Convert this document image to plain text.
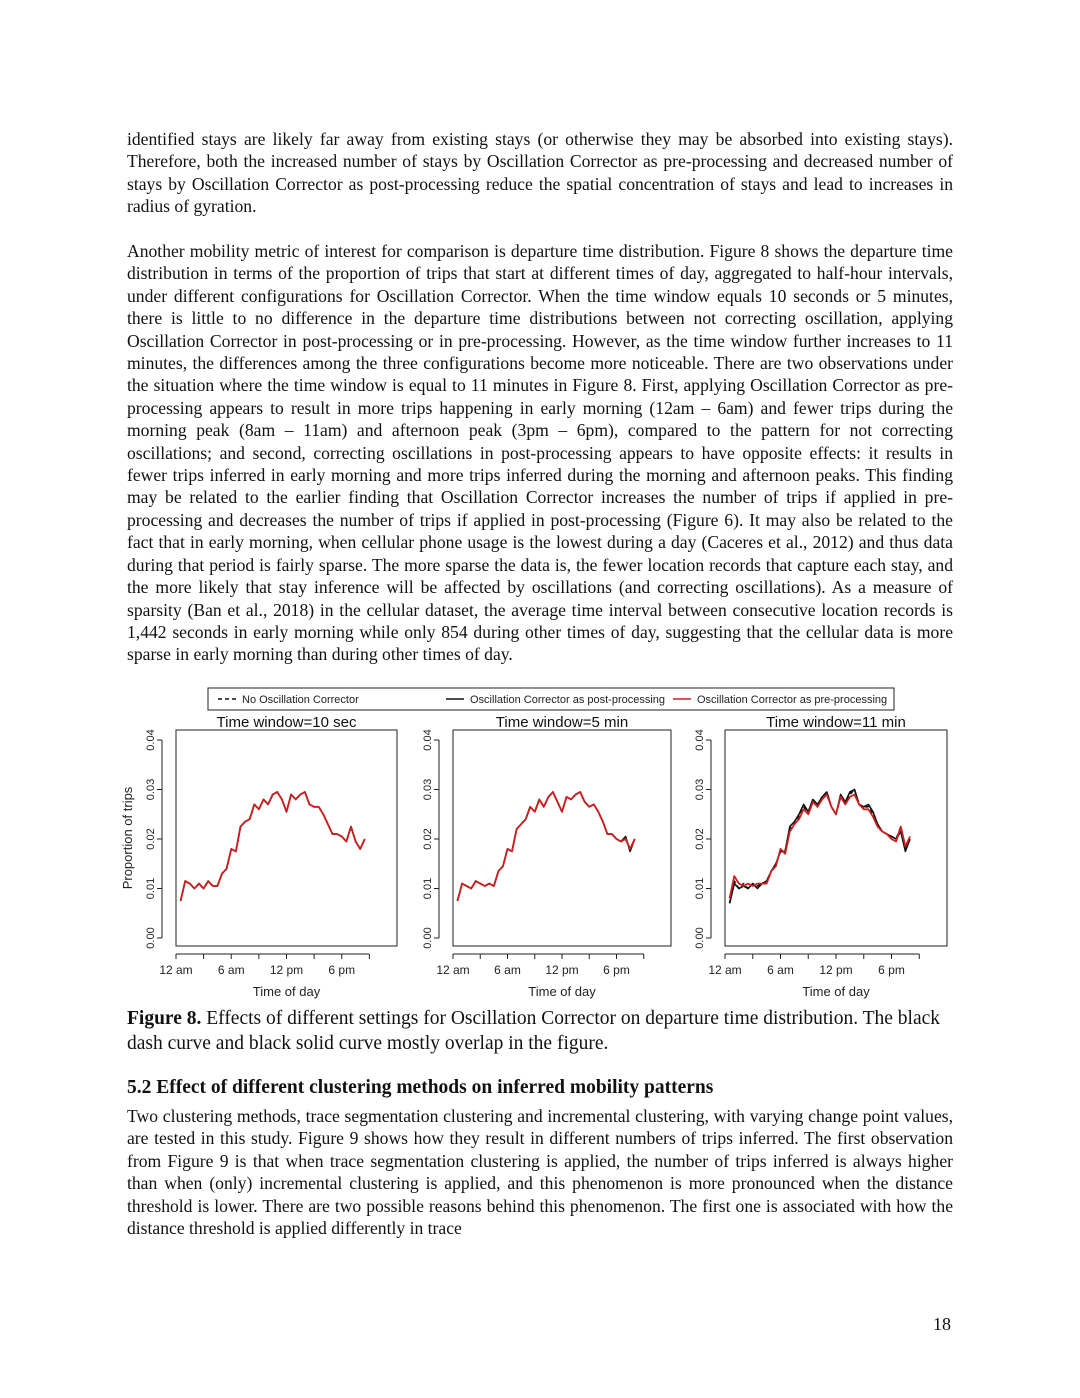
identified stays are likely far away from existing stays (or otherwise they may be absorbed into existing stays). Therefore, both the increased number of stays by Oscillation Corrector as pre-processing and decreased number of stays by Oscillation Corrector as post-processing reduce the spatial concentration of stays and lead to increases in radius of gyration.

Another mobility metric of interest for comparison is departure time distribution. Figure 8 shows the departure time distribution in terms of the proportion of trips that start at different times of day, aggregated to half-hour intervals, under different configurations for Oscillation Corrector. When the time window equals 10 seconds or 5 minutes, there is little to no difference in the departure time distributions between not correcting oscillation, applying Oscillation Corrector in post-processing or in pre-processing. However, as the time window further increases to 11 minutes, the differences among the three configurations become more noticeable. There are two observations under the situation where the time window is equal to 11 minutes in Figure 8. First, applying Oscillation Corrector as pre-processing appears to result in more trips happening in early morning (12am – 6am) and fewer trips during the morning peak (8am – 11am) and afternoon peak (3pm – 6pm), compared to the pattern for not correcting oscillations; and second, correcting oscillations in post-processing appears to have opposite effects: it results in fewer trips inferred in early morning and more trips inferred during the morning and afternoon peaks. This finding may be related to the earlier finding that Oscillation Corrector increases the number of trips if applied in pre-processing and decreases the number of trips if applied in post-processing (Figure 6). It may also be related to the fact that in early morning, when cellular phone usage is the lowest during a day (Caceres et al., 2012) and thus data during that period is fairly sparse. The more sparse the data is, the fewer location records that capture each stay, and the more likely that stay inference will be affected by oscillations (and correcting oscillations). As a measure of sparsity (Ban et al., 2018) in the cellular dataset, the average time interval between consecutive location records is 1,442 seconds in early morning while only 854 during other times of day, suggesting that the cellular data is more sparse in early morning than during other times of day.

No Oscillation Corrector	Oscillation Corrector as post-processing	Oscillation Corrector as pre-processing
Time window=10 sec
0.00
0.01
0.02
0.03
0.04
12 am 6 am 12 pm 6 pm
Time of day
Proportion of trips
Time window=5 min
0.00
0.01
0.02
0.03
0.04
12 am 6 am 12 pm 6 pm
Time of day
Time window=11 min
0.00
0.01
0.02
0.03
0.04
12 am 6 am 12 pm 6 pm
Time of day

Figure 8. Effects of different settings for Oscillation Corrector on departure time distribution. The black dash curve and black solid curve mostly overlap in the figure.

5.2 Effect of different clustering methods on inferred mobility patterns

Two clustering methods, trace segmentation clustering and incremental clustering, with varying change point values, are tested in this study. Figure 9 shows how they result in different numbers of trips inferred. The first observation from Figure 9 is that when trace segmentation clustering is applied, the number of trips inferred is always higher than when (only) incremental clustering is applied, and this phenomenon is more pronounced when the distance threshold is lower. There are two possible reasons behind this phenomenon. The first one is associated with how the distance threshold is applied differently in trace

18
